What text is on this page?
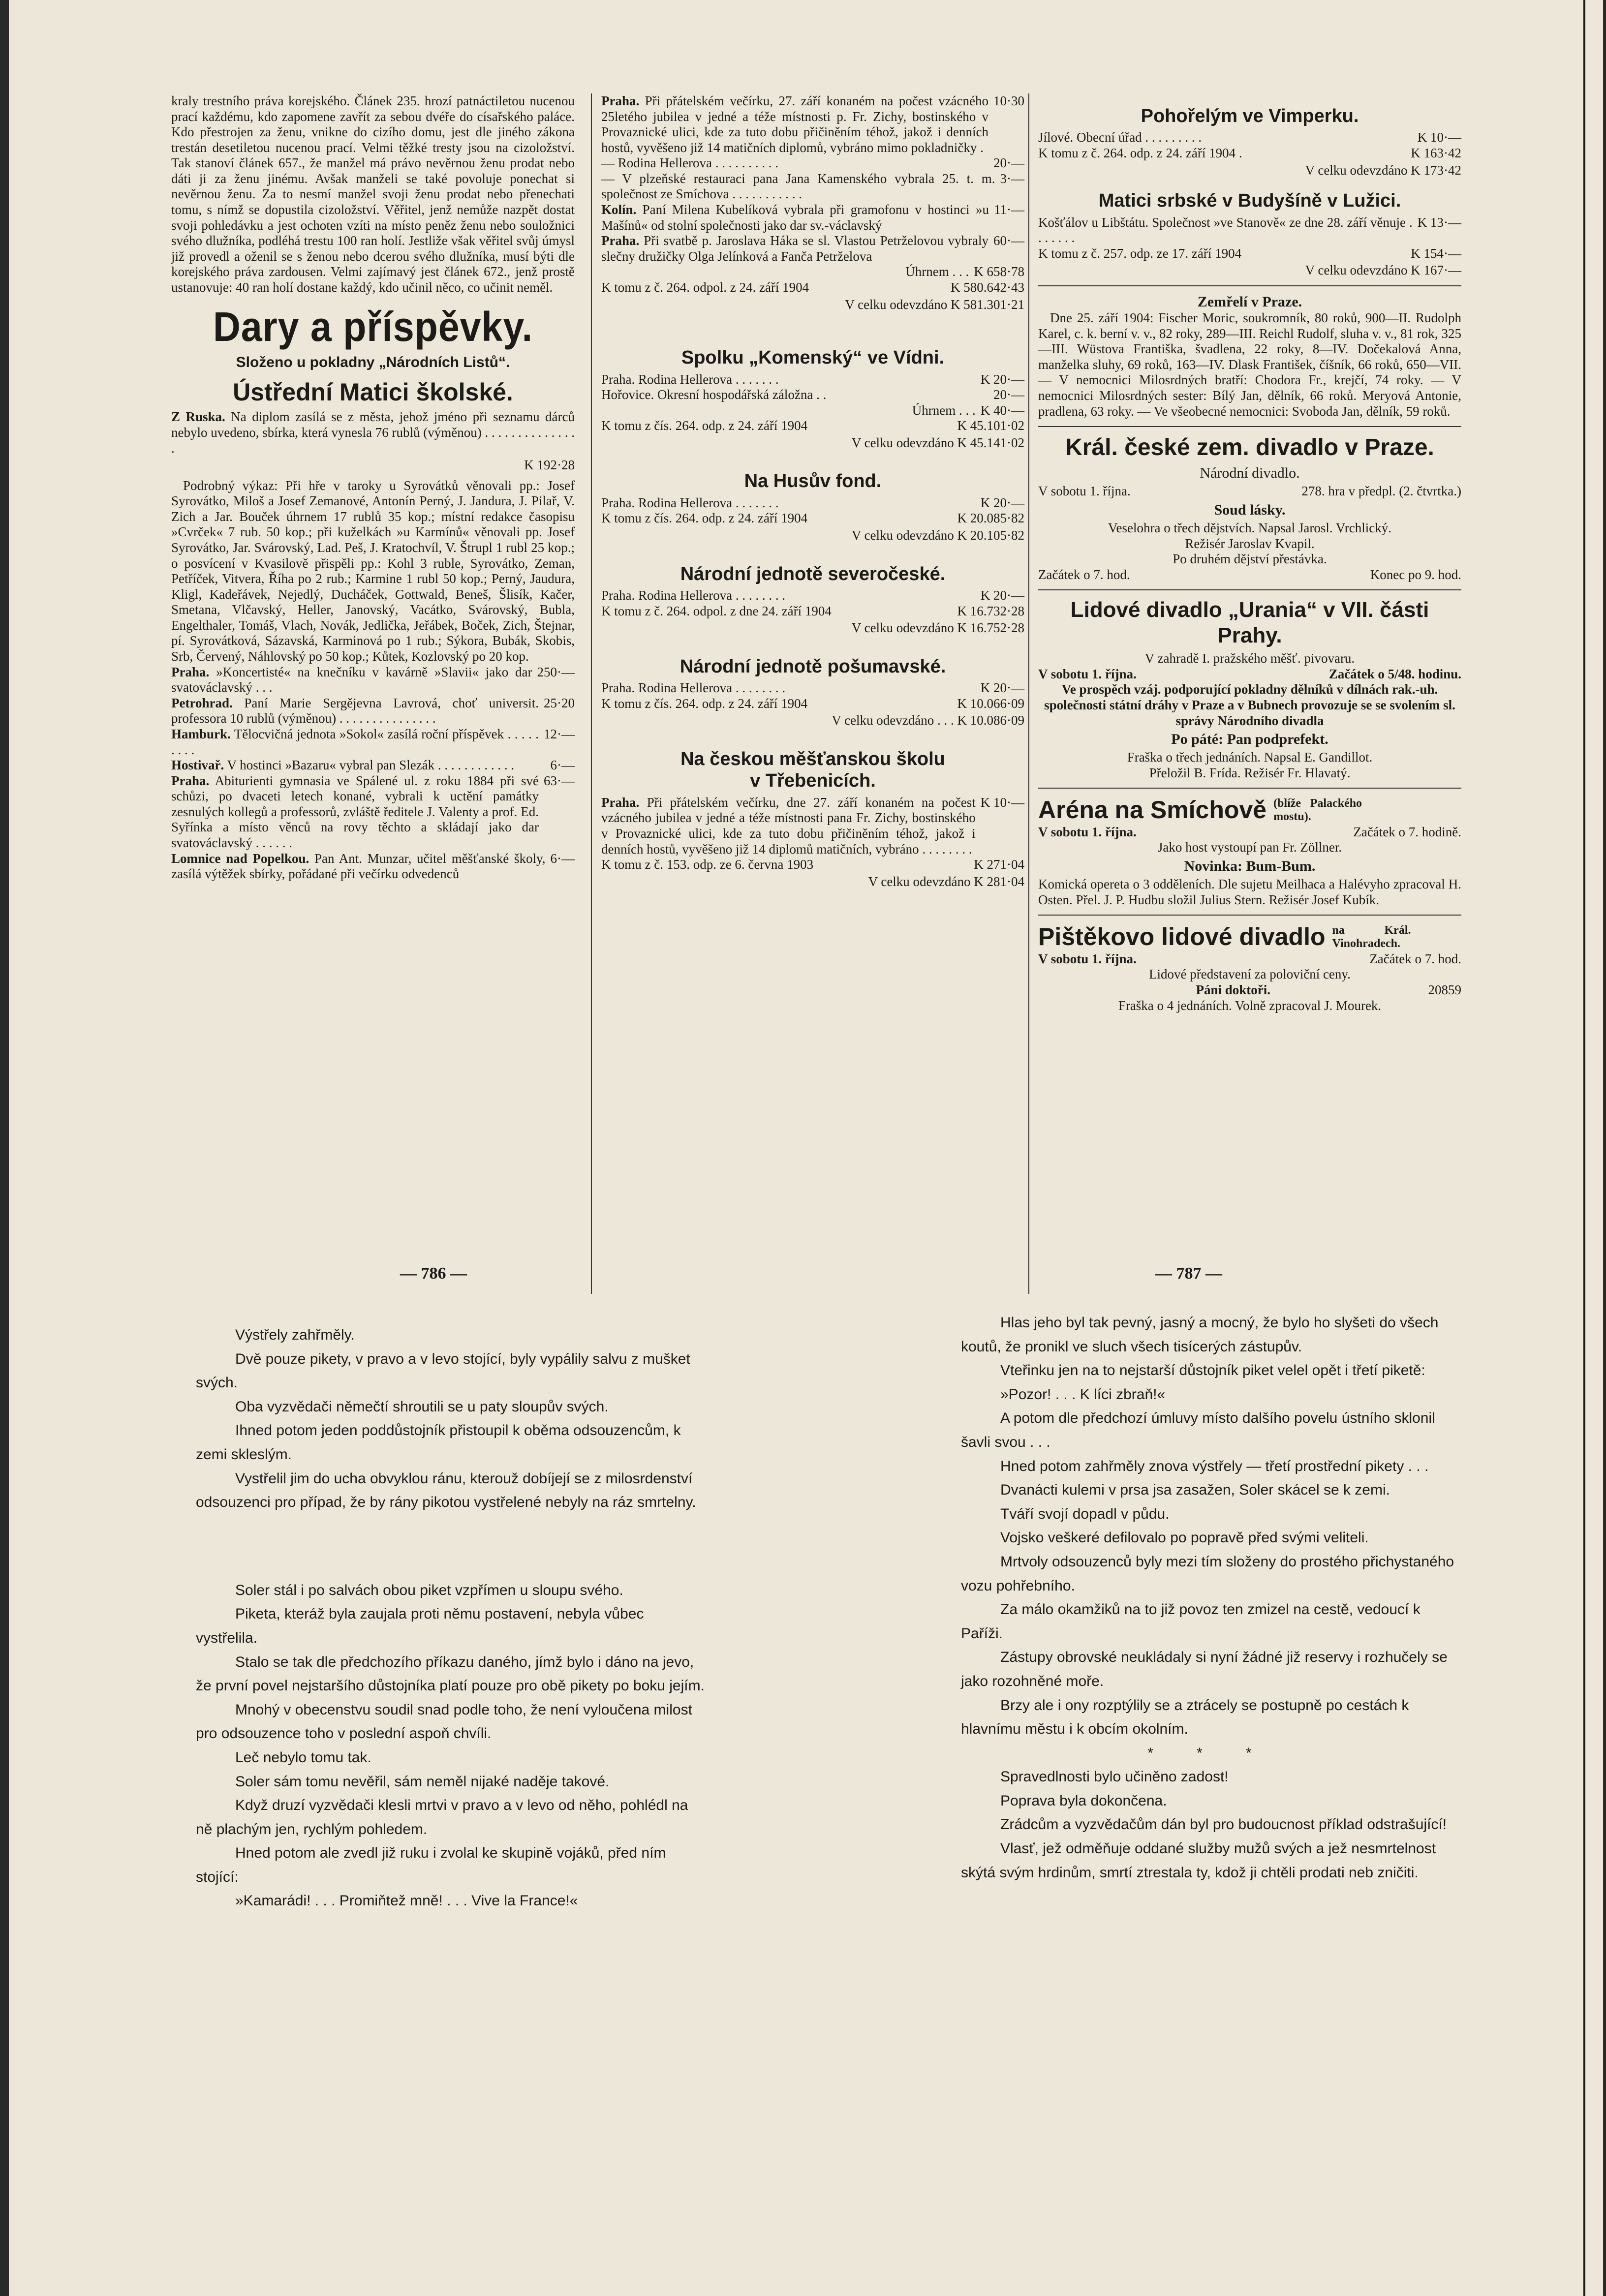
kraly trestního práva korejského. Článek 235. hrozí patnáctiletou nucenou prací každému, kdo zapomene zavřít za sebou dvéře do císařského paláce. Kdo přestrojen za ženu, vnikne do cizího domu, jest dle jiného zákona trestán desetiletou nucenou prací. Velmi těžké tresty jsou na cizoložství. Tak stanoví článek 657., že manžel má právo nevěrnou ženu prodat nebo dáti ji za ženu jinému. Avšak manželi se také povoluje ponechat si nevěrnou ženu. Za to nesmí manžel svoji ženu prodat nebo přenechati tomu, s nímž se dopustila cizoložství. Věřitel, jenž nemůže nazpět dostat svoji pohledávku a jest ochoten vzíti na místo peněz ženu nebo souložnici svého dlužníka, podléhá trestu 100 ran holí. Jestliže však věřitel svůj úmysl již provedl a oženil se s ženou nebo dcerou svého dlužníka, musí býti dle korejského práva zardousen. Velmi zajímavý jest článek 672., jenž prostě ustanovuje: 40 ran holí dostane každý, kdo učinil něco, co učinit neměl.

Dary a příspěvky.
Složeno u pokladny „Národních Listů“.
Ústřední Matici školské.
Z Ruska. Na diplom zasílá se z města, jehož jméno při seznamu dárců nebylo uvedeno, sbírka, která vynesla 76 rublů (výměnou) . . . . . . . . . . . . . . .
K 192·28

Podrobný výkaz: Při hře v taroky u Syrovátků věnovali pp.: Josef Syrovátko, Miloš a Josef Zemanové, Antonín Perný, J. Jandura, J. Pilař, V. Zich a Jar. Bouček úhrnem 17 rublů 35 kop.; místní redakce časopisu »Cvrček« 7 rub. 50 kop.; při kuželkách »u Karmínů« věnovali pp. Josef Syrovátko, Jar. Svárovský, Lad. Peš, J. Kratochvíl, V. Štrupl 1 rubl 25 kop.; o posvícení v Kvasilově přispěli pp.: Kohl 3 ruble, Syrovátko, Zeman, Petříček, Vitvera, Říha po 2 rub.; Karmine 1 rubl 50 kop.; Perný, Jaudura, Kligl, Kadeřávek, Nejedlý, Ducháček, Gottwald, Beneš, Šlisík, Kačer, Smetana, Vlčavský, Heller, Janovský, Vacátko, Svárovský, Bubla, Engelthaler, Tomáš, Vlach, Novák, Jedlička, Jeřábek, Boček, Zich, Štejnar, pí. Syrovátková, Sázavská, Karminová po 1 rub.; Sýkora, Bubák, Skobis, Srb, Červený, Náhlovský po 50 kop.; Kůtek, Kozlovský po 20 kop.

Praha. »Koncertisté« na knečníku v kavárně »Slavii« jako dar svatováclavský . . .
250·—
Petrohrad. Paní Marie Sergějevna Lavrová, choť universit. professora 10 rublů (výměnou) . . . . . . . . . . . . . . .
25·20
Hamburk. Tělocvičná jednota »Sokol« zasílá roční příspěvek . . . . . . . . .
12·—
Hostivař. V hostinci »Bazaru« vybral pan Slezák . . . . . . . . . . . .	6·—
Praha. Abiturienti gymnasia ve Spálené ul. z roku 1884 při své schůzi, po dvaceti letech konané, vybrali k uctění památky zesnulých kollegů a professorů, zvláště ředitele J. Valenty a prof. Ed. Syřínka a místo věnců na rovy těchto a skládají jako dar svatováclavský . . . . . .
63·—
Lomnice nad Popelkou. Pan Ant. Munzar, učitel měšťanské školy, zasílá výtěžek sbírky, pořádané při večírku odvedenců
6·—
Praha. Při přátelském večírku, 27. září konaném na počest vzácného 25letého jubilea v jedné a téže místnosti p. Fr. Zichy, bostinského v Provaznické ulici, kde za tuto dobu přičiněním téhož, jakož i denních hostů, vyvěšeno již 14 matičních diplomů, vybráno mimo pokladničky .
10·30
— Rodina Hellerova . . . . . . . . . .	20·—
— V plzeňské restauraci pana Jana Kamenského vybrala 25. t. m. společnost ze Smíchova . . . . . . . . . . .
3·—
Kolín. Paní Milena Kubelíková vybrala při gramofonu v hostinci »u Mašínů« od stolní společnosti jako dar sv.-václavský
11·—
Praha. Při svatbě p. Jaroslava Háka se sl. Vlastou Petrželovou vybraly slečny družičky Olga Jelínková a Fanča Petrželova
60·—
Úhrnem . . . K 658·78
K tomu z č. 264. odpol. z 24. září 1904	K 580.642·43
V celku odevzdáno K 581.301·21
Spolku „Komenský“ ve Vídni.
Praha. Rodina Hellerova . . . . . . .	K 20·—
Hořovice. Okresní hospodářská záložna . .	20·—
Úhrnem . . . K 40·—
K tomu z čís. 264. odp. z 24. září 1904	K 45.101·02
V celku odevzdáno K 45.141·02
Na Husův fond.
Praha. Rodina Hellerova . . . . . . .	K 20·—
K tomu z čís. 264. odp. z 24. září 1904	K 20.085·82
V celku odevzdáno K 20.105·82
Národní jednotě severočeské.
Praha. Rodina Hellerova . . . . . . . .	K 20·—
K tomu z č. 264. odpol. z dne 24. září 1904	K 16.732·28
V celku odevzdáno K 16.752·28
Národní jednotě pošumavské.
Praha. Rodina Hellerova . . . . . . . .	K 20·—
K tomu z čís. 264. odp. z 24. září 1904	K 10.066·09
V celku odevzdáno . . . K 10.086·09
Na českou měšťanskou školu
v Třebenicích.
Praha. Při přátelském večírku, dne 27. září konaném na počest vzácného jubilea v jedné a téže místnosti pana Fr. Zichy, bostinského v Provaznické ulici, kde za tuto dobu přičiněním téhož, jakož i denních hostů, vyvěšeno již 14 diplomů matičních, vybráno . . . . . . . .
K 10·—
K tomu z č. 153. odp. ze 6. června 1903	K 271·04
V celku odevzdáno K 281·04
Pohořelým ve Vimperku.
Jílové. Obecní úřad . . . . . . . . .	K 10·—
K tomu z č. 264. odp. z 24. září 1904 .	K 163·42
V celku odevzdáno K 173·42
Matici srbské v Budyšíně v Lužici.
Košťálov u Libštátu. Společnost »ve Stanově« ze dne 28. září věnuje . . . . . . .
K 13·—
K tomu z č. 257. odp. ze 17. září 1904	K 154·—
V celku odevzdáno K 167·—
Zemřelí v Praze.

Dne 25. září 1904: Fischer Moric, soukromník, 80 roků, 900—II. Rudolph Karel, c. k. berní v. v., 82 roky, 289—III. Reichl Rudolf, sluha v. v., 81 rok, 325—III. Wüstova Františka, švadlena, 22 roky, 8—IV. Dočekalová Anna, manželka sluhy, 69 roků, 163—IV. Dlask František, číšník, 66 roků, 650—VII. — V nemocnici Milosrdných bratří: Chodora Fr., krejčí, 74 roky. — V nemocnici Milosrdných sester: Bílý Jan, dělník, 66 roků. Meryová Antonie, pradlena, 63 roky. — Ve všeobecné nemocnici: Svoboda Jan, dělník, 59 roků.

Král. české zem. divadlo v Praze.
Národní divadlo.
V sobotu 1. října.	278. hra v předpl. (2. čtvrtka.)
Soud lásky.
Veselohra o třech dějstvích. Napsal Jarosl. Vrchlický.
Režisér Jaroslav Kvapil.
Po druhém dějství přestávka.
Začátek o 7. hod.	Konec po 9. hod.
Lidové divadlo „Urania“ v VII. části Prahy.
V zahradě I. pražského měšť. pivovaru.
V sobotu 1. října.	Začátek o 5/48. hodinu.
Ve prospěch vzáj. podporující pokladny dělníků v dílnách rak.-uh. společnosti státní dráhy v Praze a v Bubnech provozuje se se svolením sl. správy Národního divadla
Po páté: Pan podprefekt.
Fraška o třech jednáních. Napsal E. Gandillot.
Přeložil B. Frída. Režisér Fr. Hlavatý.
Aréna na Smíchově (blíže Palackého mostu).
V sobotu 1. října.	Začátek o 7. hodině.
Jako host vystoupí pan Fr. Zöllner.
Novinka: Bum-Bum.

Komická opereta o 3 odděleních. Dle sujetu Meilhaca a Halévyho zpracoval H. Osten. Přel. J. P. Hudbu složil Julius Stern. Režisér Josef Kubík.

Pištěkovo lidové divadlo na Král. Vinohradech.
V sobotu 1. října.	Začátek o 7. hod.
Lidové představení za poloviční ceny.
Páni doktoři.	20859
Fraška o 4 jednáních. Volně zpracoval J. Mourek.
— 786 —	— 787 —

Výstřely zahřměly.

Dvě pouze pikety, v pravo a v levo stojící, byly vypálily salvu z mušket svých.

Oba vyzvědači němečtí shroutili se u paty sloupův svých.

Ihned potom jeden poddůstojník přistoupil k oběma odsouzencům, k zemi skleslým.

Vystřelil jim do ucha obvyklou ránu, kterouž dobíjejí se z milosrdenství odsouzenci pro případ, že by rány pikotou vystřelené nebyly na ráz smrtelny.

Soler stál i po salvách obou piket vzpřímen u sloupu svého.

Piketa, kteráž byla zaujala proti němu postavení, nebyla vůbec vystřelila.

Stalo se tak dle předchozího příkazu daného, jímž bylo i dáno na jevo, že první povel nejstaršího důstojníka platí pouze pro obě pikety po boku jejím.

Mnohý v obecenstvu soudil snad podle toho, že není vyloučena milost pro odsouzence toho v poslední aspoň chvíli.

Leč nebylo tomu tak.

Soler sám tomu nevěřil, sám neměl nijaké naděje takové.

Když druzí vyzvědači klesli mrtvi v pravo a v levo od něho, pohlédl na ně plachým jen, rychlým pohledem.

Hned potom ale zvedl již ruku i zvolal ke skupině vojáků, před ním stojící:

»Kamarádi! . . . Promiňtež mně! . . . Vive la France!«

Hlas jeho byl tak pevný, jasný a mocný, že bylo ho slyšeti do všech koutů, že pronikl ve sluch všech tisícerých zástupův.

Vteřinku jen na to nejstarší důstojník piket velel opět i třetí piketě:

»Pozor! . . . K líci zbraň!«

A potom dle předchozí úmluvy místo dalšího povelu ústního sklonil šavli svou . . .

Hned potom zahřměly znova výstřely — třetí prostřední pikety . . .

Dvanácti kulemi v prsa jsa zasažen, Soler skácel se k zemi.

Tváří svojí dopadl v půdu.

Vojsko veškeré defilovalo po popravě před svými veliteli.

Mrtvoly odsouzenců byly mezi tím složeny do prostého přichystaného vozu pohřebního.

Za málo okamžiků na to již povoz ten zmizel na cestě, vedoucí k Paříži.

Zástupy obrovské neukládaly si nyní žádné již reservy i rozhučely se jako rozohněné moře.

Brzy ale i ony rozptýlily se a ztrácely se postupně po cestách k hlavnímu městu i k obcím okolním.

* * *

Spravedlnosti bylo učiněno zadost!

Poprava byla dokončena.

Zrádcům a vyzvědačům dán byl pro budoucnost příklad odstrašující!

Vlasť, jež odměňuje oddané služby mužů svých a jež nesmrtelnost skýtá svým hrdinům, smrtí ztrestala ty, kdož ji chtěli prodati neb zničiti.
